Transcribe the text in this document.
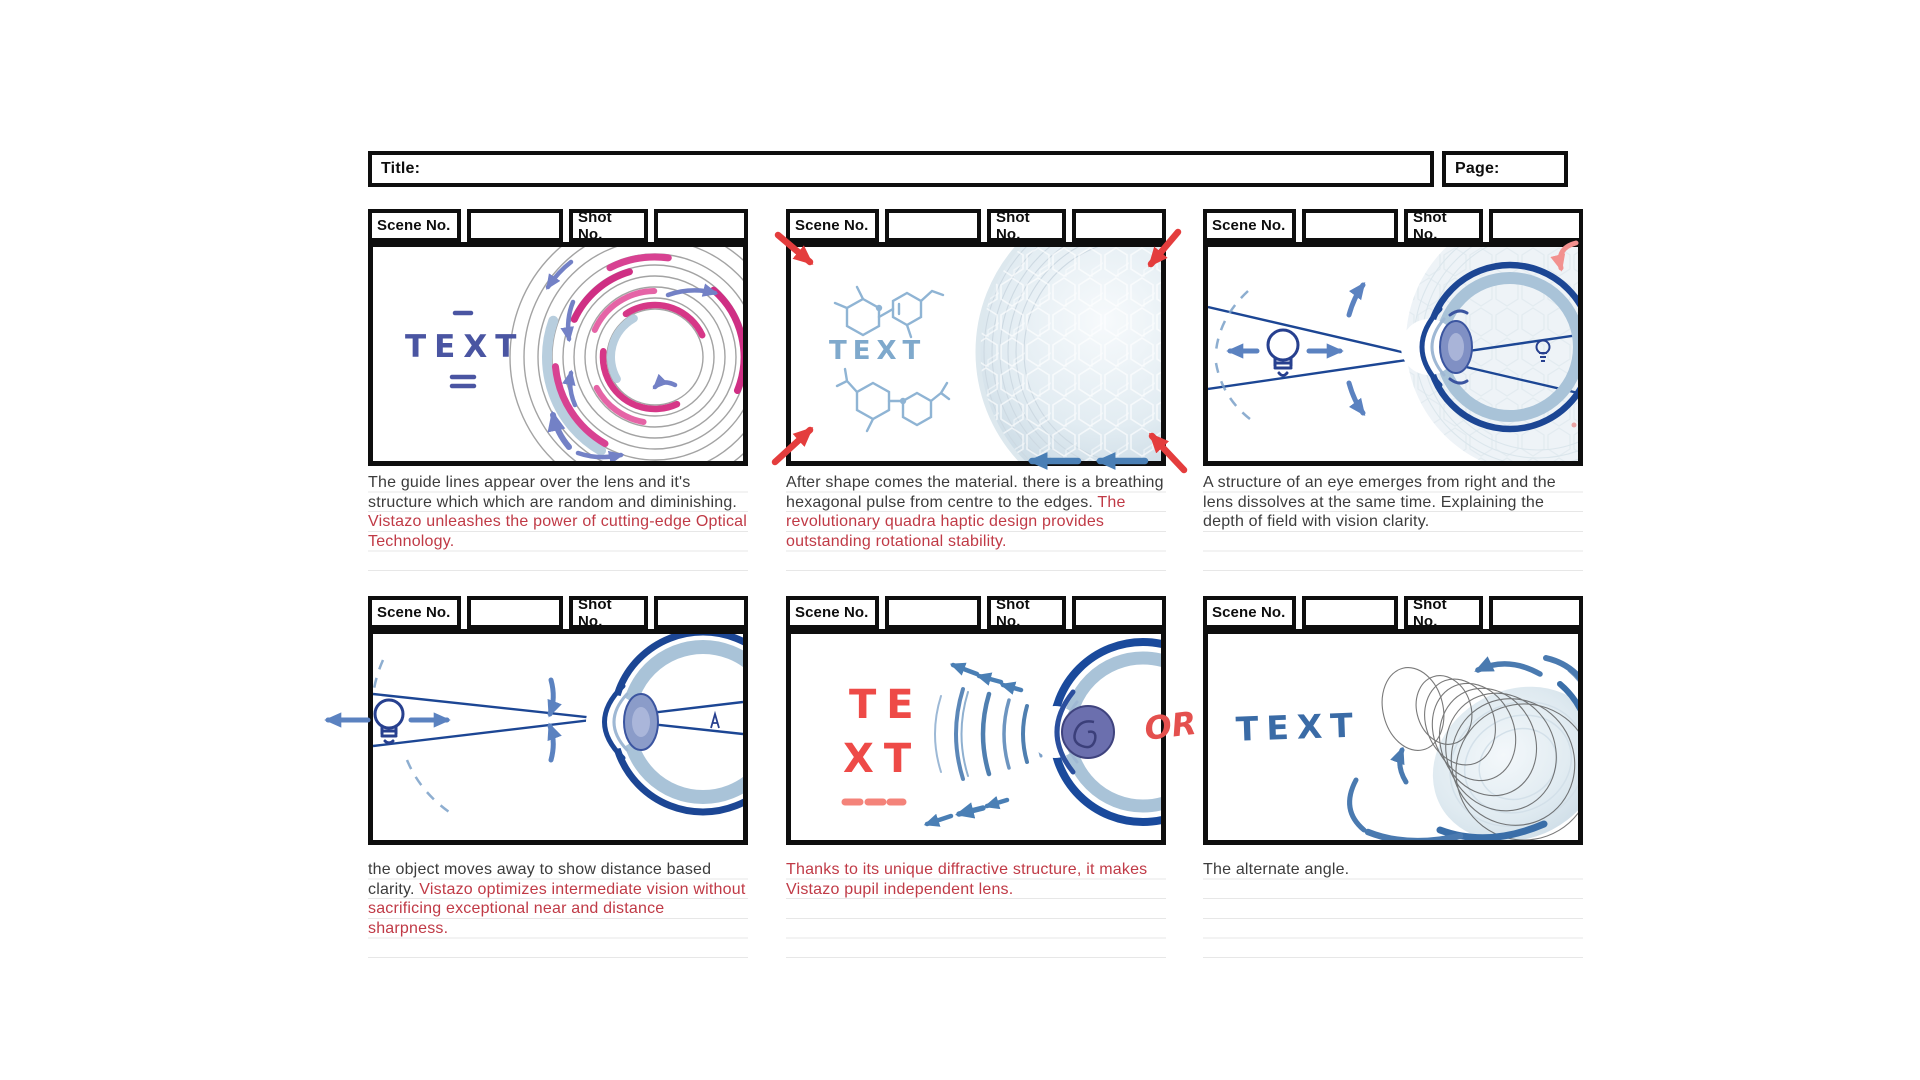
Title:	Page:
Scene No.	Shot No.
TEXT
The guide lines appear over the lens and it's structure which which are random and diminishing. Vistazo unleashes the power of cutting-edge Optical Technology.
Scene No.	Shot No.
TEXT
After shape comes the material. there is a breathing hexagonal pulse from centre to the edges. The revolutionary quadra haptic design provides outstanding rotational stability.
Scene No.	Shot No.
A structure of an eye emerges from right and the lens dissolves at the same time. Explaining the depth of field with vision clarity.
Scene No.	Shot No.
the object moves away to show distance based clarity. Vistazo optimizes intermediate vision without sacrificing exceptional near and distance sharpness.
Scene No.	Shot No.
TE
XT
Thanks to its unique diffractive structure, it makes Vistazo pupil independent lens.
Scene No.	Shot No.
TEXT
The alternate angle.
OR
